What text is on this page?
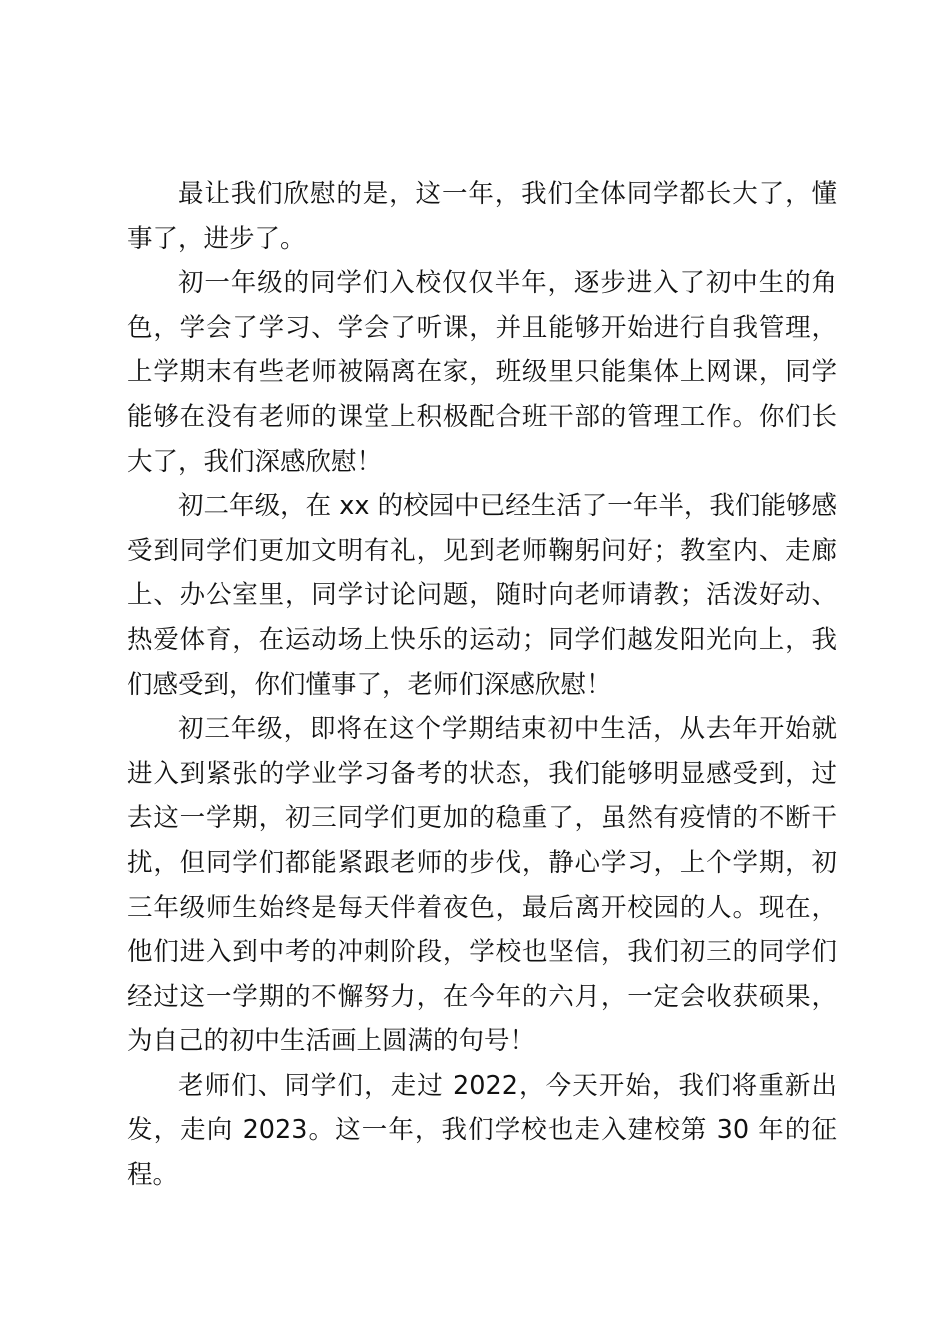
最让我们欣慰的是，这一年，我们全体同学都长大了，懂事了，进步了。

初一年级的同学们入校仅仅半年，逐步进入了初中生的角色，学会了学习、学会了听课，并且能够开始进行自我管理，上学期末有些老师被隔离在家，班级里只能集体上网课，同学能够在没有老师的课堂上积极配合班干部的管理工作。你们长大了，我们深感欣慰！

初二年级，在 xx 的校园中已经生活了一年半，我们能够感受到同学们更加文明有礼，见到老师鞠躬问好；教室内、走廊上、办公室里，同学讨论问题，随时向老师请教；活泼好动、热爱体育，在运动场上快乐的运动；同学们越发阳光向上，我们感受到，你们懂事了，老师们深感欣慰！

初三年级，即将在这个学期结束初中生活，从去年开始就进入到紧张的学业学习备考的状态，我们能够明显感受到，过去这一学期，初三同学们更加的稳重了，虽然有疫情的不断干扰，但同学们都能紧跟老师的步伐，静心学习，上个学期，初三年级师生始终是每天伴着夜色，最后离开校园的人。现在，他们进入到中考的冲刺阶段，学校也坚信，我们初三的同学们经过这一学期的不懈努力，在今年的六月，一定会收获硕果，为自己的初中生活画上圆满的句号！

老师们、同学们，走过 2022，今天开始，我们将重新出发，走向 2023。这一年，我们学校也走入建校第 30 年的征程。
